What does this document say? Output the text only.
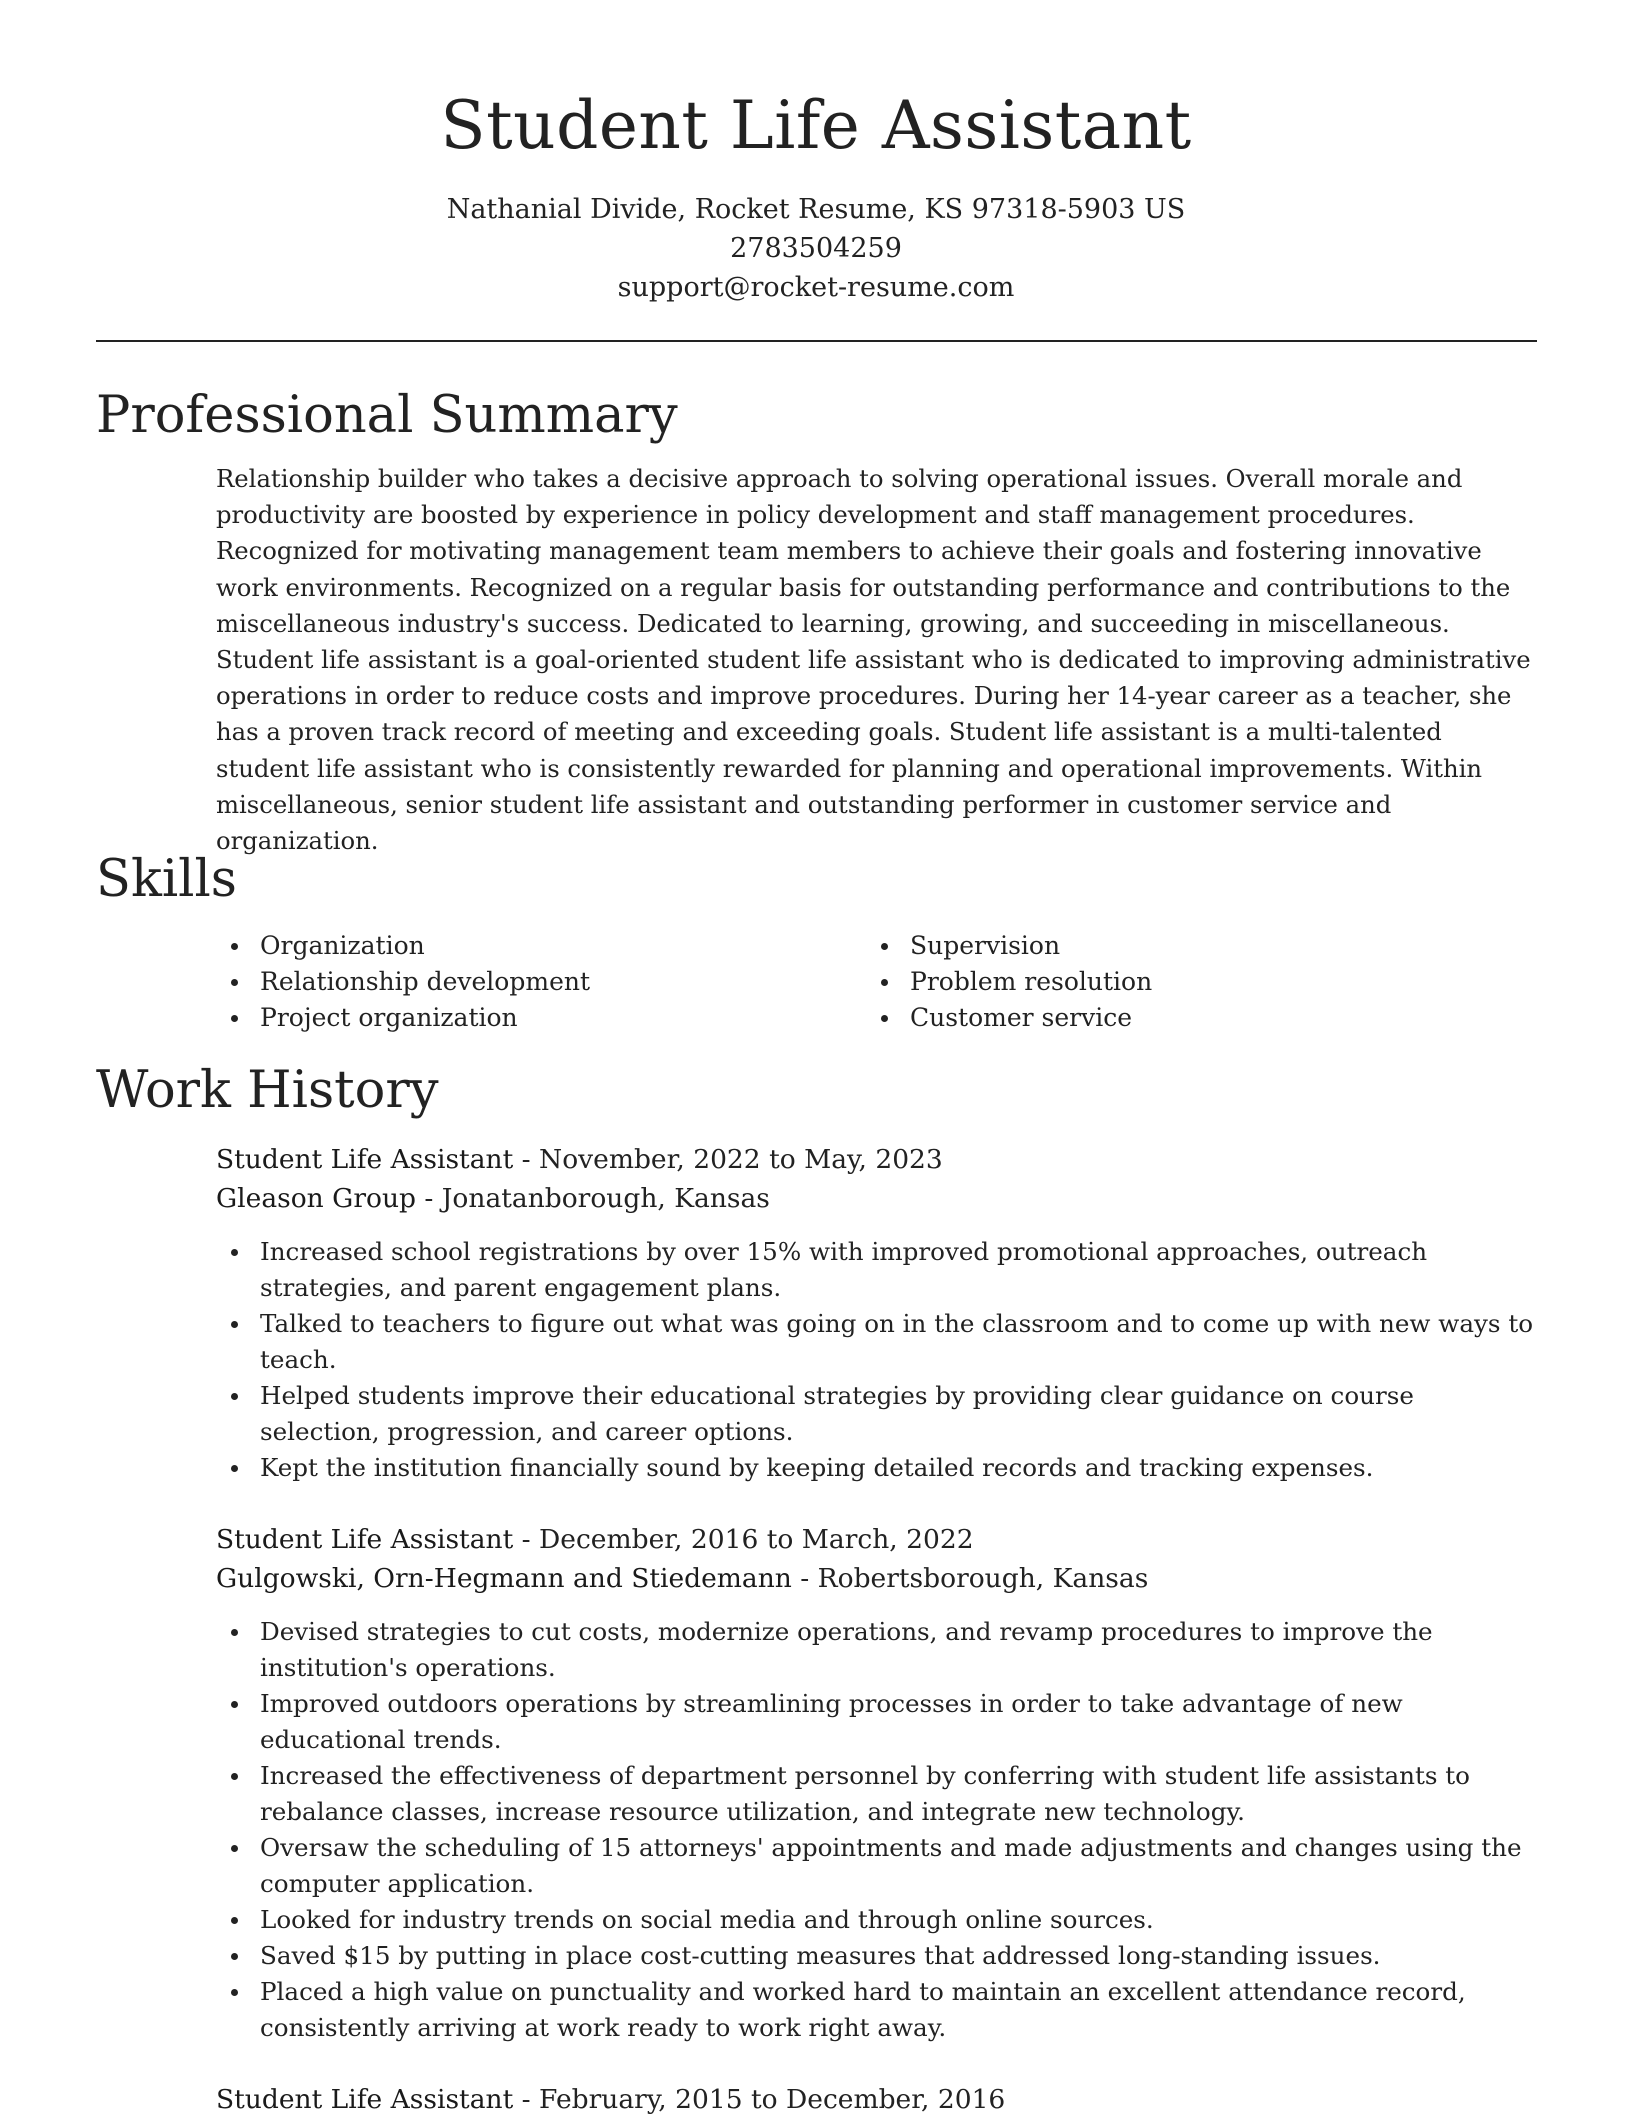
Student Life Assistant

Nathanial Divide, Rocket Resume, KS 97318-5903 US

2783504259

support@rocket-resume.com

Professional Summary

Relationship builder who takes a decisive approach to solving operational issues. Overall morale and productivity are boosted by experience in policy development and staff management procedures. Recognized for motivating management team members to achieve their goals and fostering innovative work environments. Recognized on a regular basis for outstanding performance and contributions to the miscellaneous industry's success. Dedicated to learning, growing, and succeeding in miscellaneous. Student life assistant is a goal-oriented student life assistant who is dedicated to improving administrative operations in order to reduce costs and improve procedures. During her 14-year career as a teacher, she has a proven track record of meeting and exceeding goals. Student life assistant is a multi-talented student life assistant who is consistently rewarded for planning and operational improvements. Within miscellaneous, senior student life assistant and outstanding performer in customer service and organization.

Skills
Organization
Relationship development
Project organization
Supervision
Problem resolution
Customer service
Work History
Student Life Assistant - November, 2022 to May, 2023
Gleason Group - Jonatanborough, Kansas
Increased school registrations by over 15% with improved promotional approaches, outreach strategies, and parent engagement plans.
Talked to teachers to figure out what was going on in the classroom and to come up with new ways to teach.
Helped students improve their educational strategies by providing clear guidance on course selection, progression, and career options.
Kept the institution financially sound by keeping detailed records and tracking expenses.
Student Life Assistant - December, 2016 to March, 2022
Gulgowski, Orn-Hegmann and Stiedemann - Robertsborough, Kansas
Devised strategies to cut costs, modernize operations, and revamp procedures to improve the institution's operations.
Improved outdoors operations by streamlining processes in order to take advantage of new educational trends.
Increased the effectiveness of department personnel by conferring with student life assistants to rebalance classes, increase resource utilization, and integrate new technology.
Oversaw the scheduling of 15 attorneys' appointments and made adjustments and changes using the computer application.
Looked for industry trends on social media and through online sources.
Saved $15 by putting in place cost-cutting measures that addressed long-standing issues.
Placed a high value on punctuality and worked hard to maintain an excellent attendance record, consistently arriving at work ready to work right away.
Student Life Assistant - February, 2015 to December, 2016
